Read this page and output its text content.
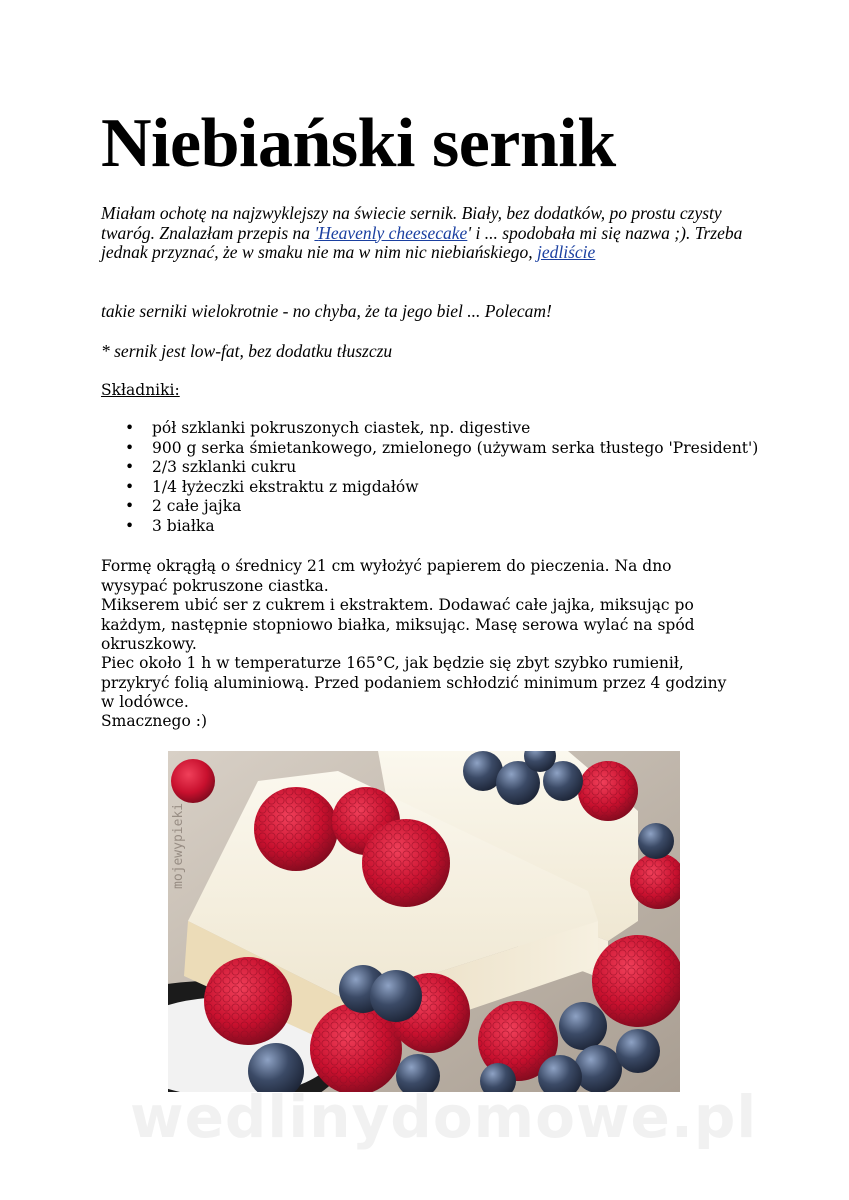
Niebiański sernik

Miałam ochotę na najzwyklejszy na świecie sernik. Biały, bez dodatków, po prostu czysty twaróg. Znalazłam przepis na 'Heavenly cheesecake' i ... spodobała mi się nazwa ;). Trzeba jednak przyznać, że w smaku nie ma w nim nic niebiańskiego, jedliście

takie serniki wielokrotnie - no chyba, że ta jego biel ... Polecam!

* sernik jest low-fat, bez dodatku tłuszczu

Składniki:

• pół szklanki pokruszonych ciastek, np. digestive
• 900 g serka śmietankowego, zmielonego (używam serka tłustego 'President')
• 2/3 szklanki cukru
• 1/4 łyżeczki ekstraktu z migdałów
• 2 całe jajka
• 3 białka
Formę okrągłą o średnicy 21 cm wyłożyć papierem do pieczenia. Na dno wysypać pokruszone ciastka.
Mikserem ubić ser z cukrem i ekstraktem. Dodawać całe jajka, miksując po każdym, następnie stopniowo białka, miksując. Masę serowa wylać na spód okruszkowy.

Piec około 1 h w temperaturze 165°C, jak będzie się zbyt szybko rumienił, przykryć folią aluminiową. Przed podaniem schłodzić minimum przez 4 godziny w lodówce.

Smacznego :)

mojewypieki
wedlinydomowe.pl
